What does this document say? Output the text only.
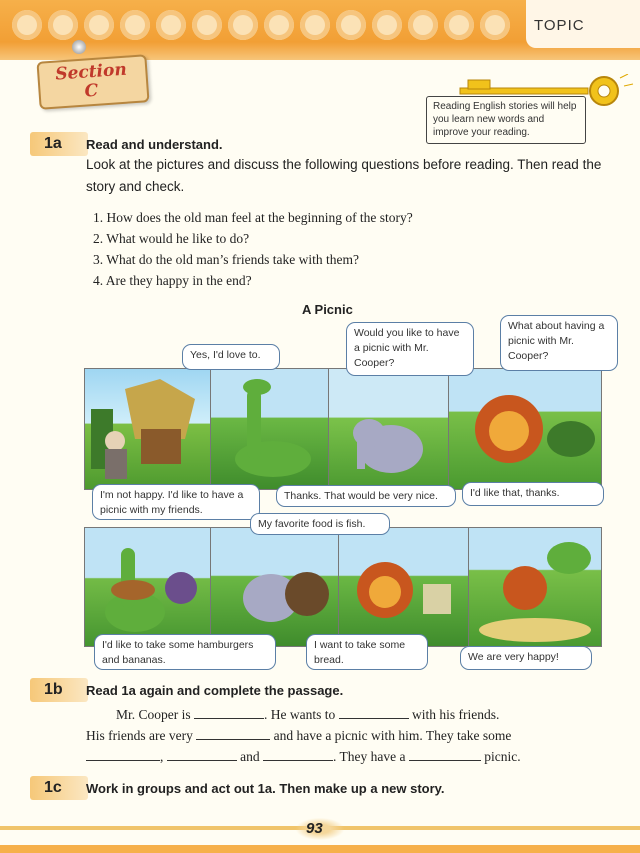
TOPIC
Section
C
Reading English stories will help you learn new words and improve your reading.
1a Read and understand.
Look at the pictures and discuss the following questions before reading. Then read the story and check.
1. How does the old man feel at the beginning of the story?
2. What would he like to do?
3. What do the old man’s friends take with them?
4. Are they happy in the end?
A Picnic
Yes, I'd love to.
Would you like to have a picnic with Mr. Cooper?
What about having a picnic with Mr. Cooper?
I'm not happy. I'd like to have a picnic with my friends.
Thanks. That would be very nice.	I'd like that, thanks.
My favorite food is fish.
I'd like to take some hamburgers and bananas.
I want to take some bread.	We are very happy!
1b Read 1a again and complete the passage.
Mr. Cooper is	. He wants to	with his friends.
His friends are very	and have a picnic with him. They take some
,	and	. They have a	picnic.
1c Work in groups and act out 1a. Then make up a new story.
93
